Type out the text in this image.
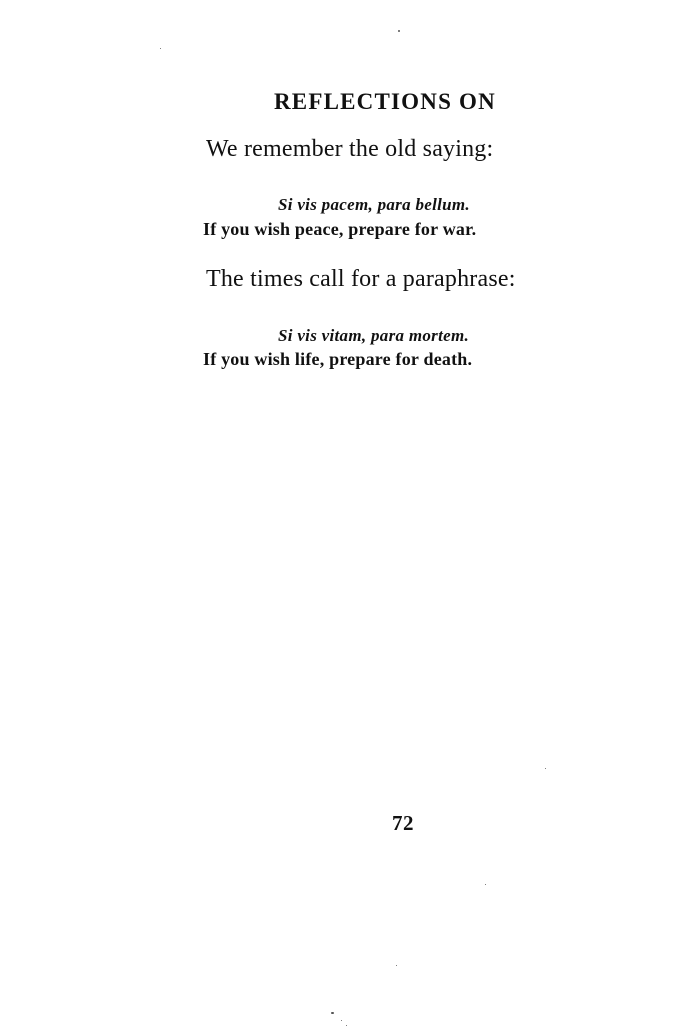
REFLECTIONS ON
We remember the old saying:
Si vis pacem, para bellum.
If you wish peace, prepare for war.
The times call for a paraphrase:
Si vis vitam, para mortem.
If you wish life, prepare for death.
72
